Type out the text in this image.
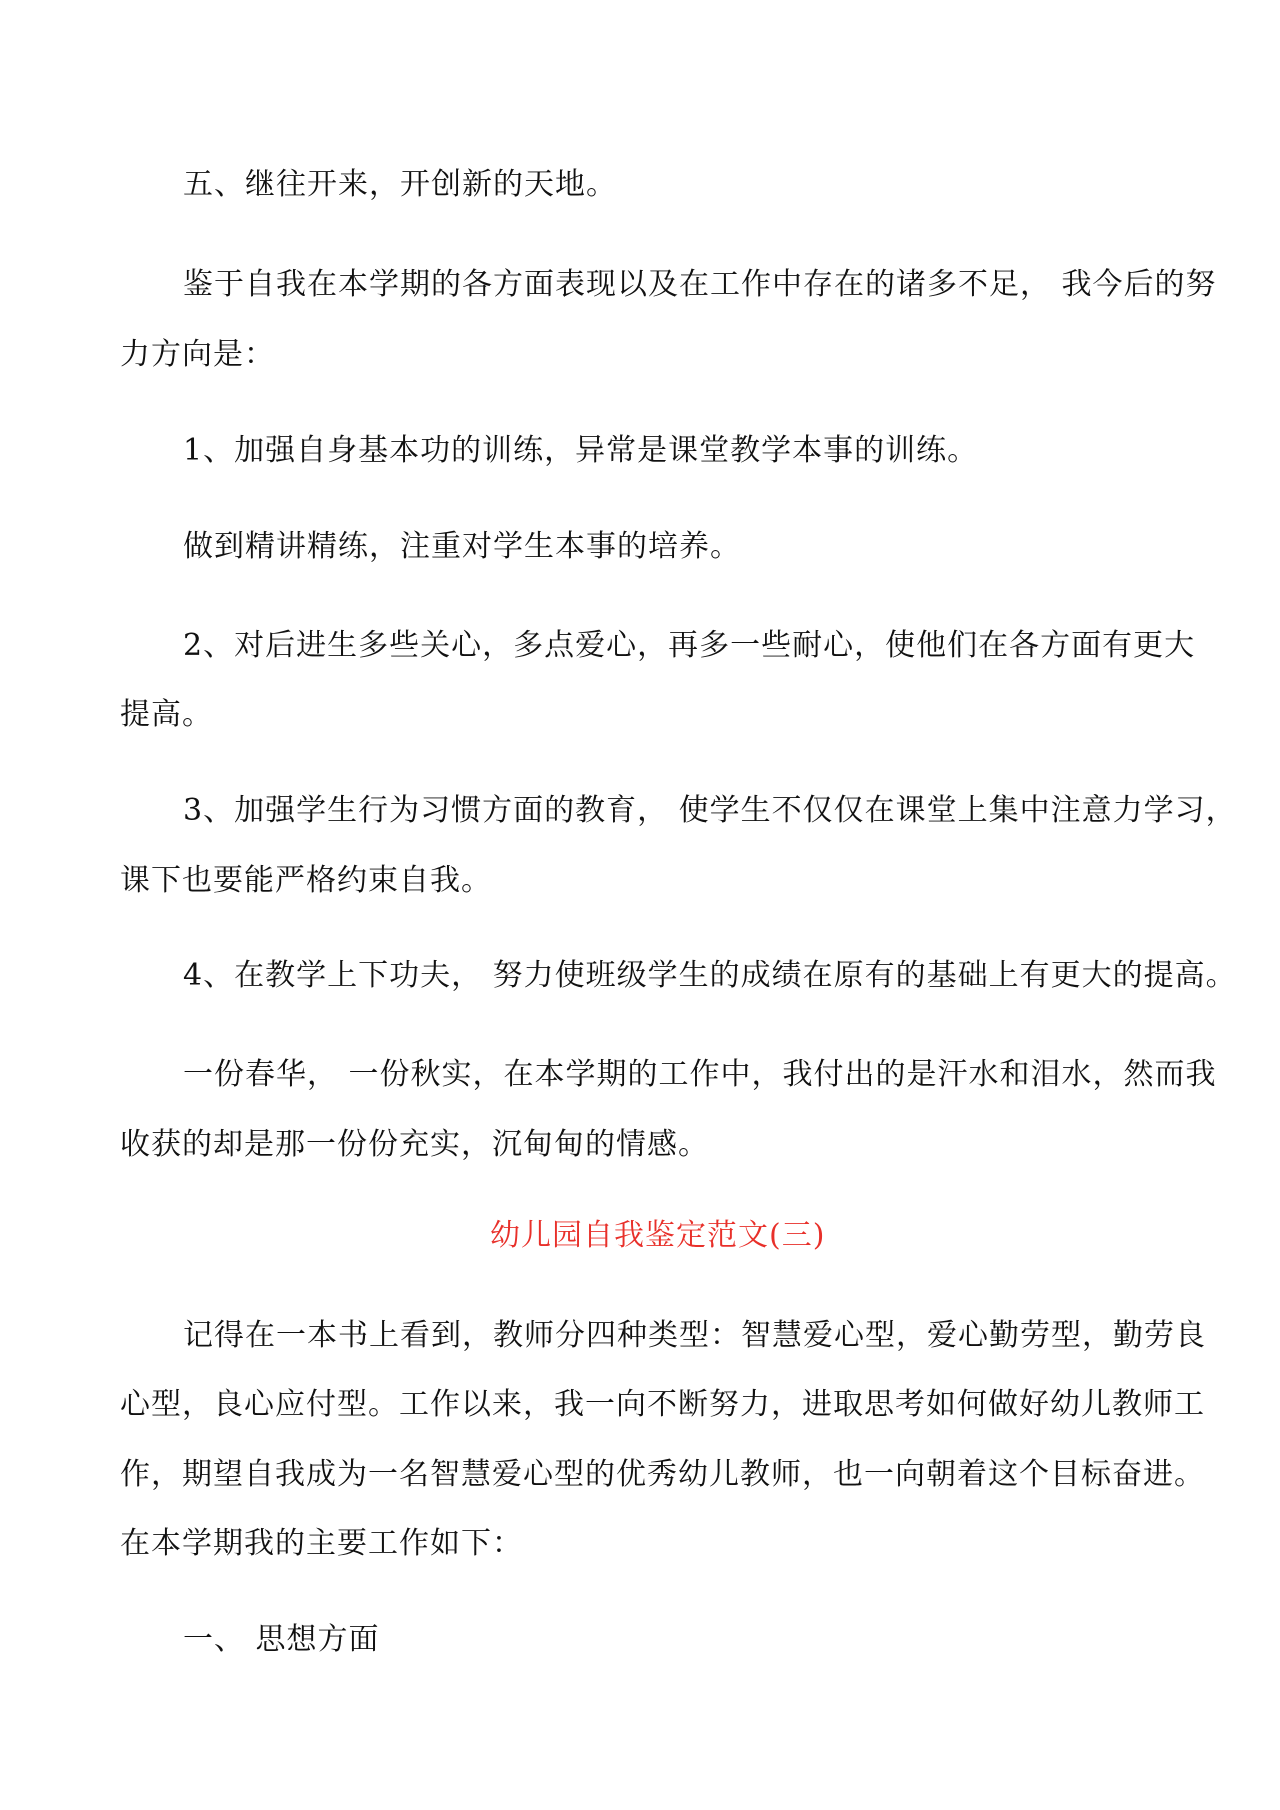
五、继往开来，开创新的天地。
鉴于自我在本学期的各方面表现以及在工作中存在的诸多不足， 我今后的努
力方向是：
1、加强自身基本功的训练，异常是课堂教学本事的训练。
做到精讲精练，注重对学生本事的培养。
2、对后进生多些关心，多点爱心，再多一些耐心，使他们在各方面有更大
提高。
3、加强学生行为习惯方面的教育， 使学生不仅仅在课堂上集中注意力学习，
课下也要能严格约束自我。
4、在教学上下功夫， 努力使班级学生的成绩在原有的基础上有更大的提高。
一份春华， 一份秋实，在本学期的工作中，我付出的是汗水和泪水，然而我
收获的却是那一份份充实，沉甸甸的情感。
幼儿园自我鉴定范文(三)
记得在一本书上看到，教师分四种类型：智慧爱心型，爱心勤劳型，勤劳良
心型，良心应付型。工作以来，我一向不断努力，进取思考如何做好幼儿教师工
作，期望自我成为一名智慧爱心型的优秀幼儿教师，也一向朝着这个目标奋进。
在本学期我的主要工作如下：
一、 思想方面
